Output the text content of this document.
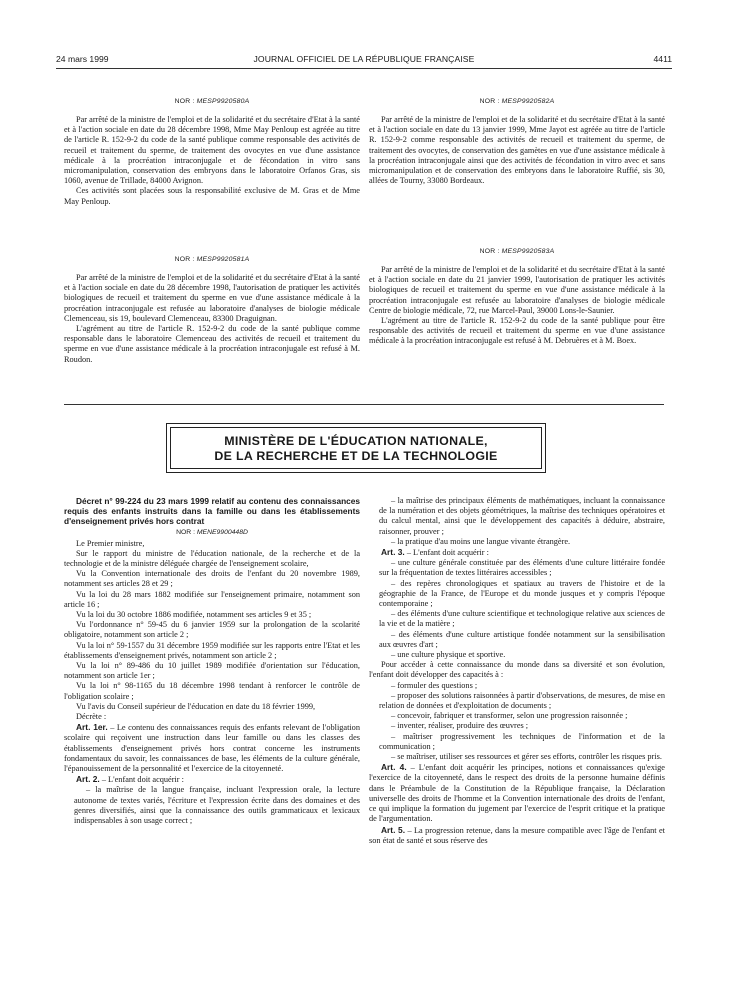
24 mars 1999	JOURNAL OFFICIEL DE LA RÉPUBLIQUE FRANÇAISE	4411
NOR : MESP9920580A

Par arrêté de la ministre de l'emploi et de la solidarité et du secrétaire d'Etat à la santé et à l'action sociale en date du 28 décembre 1998, Mme May Penloup est agréée au titre de l'article R. 152-9-2 du code de la santé publique comme responsable des activités de recueil et traitement du sperme, de traitement des ovocytes en vue d'une assistance médicale à la procréation intraconjugale et de fécondation in vitro sans micromanipulation, conservation des embryons dans le laboratoire Orfanos Gras, sis 1060, avenue de Trillade, 84000 Avignon.

Ces activités sont placées sous la responsabilité exclusive de M. Gras et de Mme May Penloup.

NOR : MESP9920581A

Par arrêté de la ministre de l'emploi et de la solidarité et du secrétaire d'Etat à la santé et à l'action sociale en date du 28 décembre 1998, l'autorisation de pratiquer les activités biologiques de recueil et traitement du sperme en vue d'une assistance médicale à la procréation intraconjugale est refusée au laboratoire d'analyses de biologie médicale Clemenceau, sis 19, boulevard Clemenceau, 83300 Draguignan.

L'agrément au titre de l'article R. 152-9-2 du code de la santé publique comme responsable dans le laboratoire Clemenceau des activités de recueil et traitement du sperme en vue d'une assistance médicale à la procréation intraconjugale est refusé à M. Roudon.

NOR : MESP9920582A

Par arrêté de la ministre de l'emploi et de la solidarité et du secrétaire d'Etat à la santé et à l'action sociale en date du 13 janvier 1999, Mme Jayot est agréée au titre de l'article R. 152-9-2 comme responsable des activités de recueil et traitement du sperme, de traitement des ovocytes, de conservation des gamètes en vue d'une assistance médicale à la procréation intraconjugale ainsi que des activités de fécondation in vitro avec et sans micromanipulation et de conservation des embryons dans le laboratoire Ruffié, sis 30, allées de Tourny, 33080 Bordeaux.

NOR : MESP9920583A

Par arrêté de la ministre de l'emploi et de la solidarité et du secrétaire d'Etat à la santé et à l'action sociale en date du 21 janvier 1999, l'autorisation de pratiquer les activités biologiques de recueil et traitement du sperme en vue d'une assistance médicale à la procréation intraconjugale est refusée au laboratoire d'analyses de biologie médicale Centre de biologie médicale, 72, rue Marcel-Paul, 39000 Lons-le-Saunier.

L'agrément au titre de l'article R. 152-9-2 du code de la santé publique pour être responsable des activités de recueil et traitement du sperme en vue d'une assistance médicale à la procréation intraconjugale est refusé à M. Debruères et à M. Boex.

MINISTÈRE DE L'ÉDUCATION NATIONALE,
DE LA RECHERCHE ET DE LA TECHNOLOGIE

Décret n° 99-224 du 23 mars 1999 relatif au contenu des connaissances requis des enfants instruits dans la famille ou dans les établissements d'enseignement privés hors contrat

NOR : MENE9900448D

Le Premier ministre,

Sur le rapport du ministre de l'éducation nationale, de la recherche et de la technologie et de la ministre déléguée chargée de l'enseignement scolaire,

Vu la Convention internationale des droits de l'enfant du 20 novembre 1989, notamment ses articles 28 et 29 ;

Vu la loi du 28 mars 1882 modifiée sur l'enseignement primaire, notamment son article 16 ;

Vu la loi du 30 octobre 1886 modifiée, notamment ses articles 9 et 35 ;

Vu l'ordonnance n° 59-45 du 6 janvier 1959 sur la prolongation de la scolarité obligatoire, notamment son article 2 ;

Vu la loi n° 59-1557 du 31 décembre 1959 modifiée sur les rapports entre l'Etat et les établissements d'enseignement privés, notamment son article 2 ;

Vu la loi n° 89-486 du 10 juillet 1989 modifiée d'orientation sur l'éducation, notamment son article 1er ;

Vu la loi n° 98-1165 du 18 décembre 1998 tendant à renforcer le contrôle de l'obligation scolaire ;

Vu l'avis du Conseil supérieur de l'éducation en date du 18 février 1999,

Décrète :

Art. 1er. – Le contenu des connaissances requis des enfants relevant de l'obligation scolaire qui reçoivent une instruction dans leur famille ou dans les classes des établissements d'enseignement privés hors contrat concerne les instruments fondamentaux du savoir, les connaissances de base, les éléments de la culture générale, l'épanouissement de la personnalité et l'exercice de la citoyenneté.

Art. 2. – L'enfant doit acquérir :

– la maîtrise de la langue française, incluant l'expression orale, la lecture autonome de textes variés, l'écriture et l'expression écrite dans des domaines et des genres diversifiés, ainsi que la connaissance des outils grammaticaux et lexicaux indispensables à son usage correct ;

– la maîtrise des principaux éléments de mathématiques, incluant la connaissance de la numération et des objets géométriques, la maîtrise des techniques opératoires et du calcul mental, ainsi que le développement des capacités à déduire, abstraire, raisonner, prouver ;

– la pratique d'au moins une langue vivante étrangère.

Art. 3. – L'enfant doit acquérir :

– une culture générale constituée par des éléments d'une culture littéraire fondée sur la fréquentation de textes littéraires accessibles ;

– des repères chronologiques et spatiaux au travers de l'histoire et de la géographie de la France, de l'Europe et du monde jusques et y compris l'époque contemporaine ;

– des éléments d'une culture scientifique et technologique relative aux sciences de la vie et de la matière ;

– des éléments d'une culture artistique fondée notamment sur la sensibilisation aux œuvres d'art ;

– une culture physique et sportive.

Pour accéder à cette connaissance du monde dans sa diversité et son évolution, l'enfant doit développer des capacités à :

– formuler des questions ;

– proposer des solutions raisonnées à partir d'observations, de mesures, de mise en relation de données et d'exploitation de documents ;

– concevoir, fabriquer et transformer, selon une progression raisonnée ;

– inventer, réaliser, produire des œuvres ;

– maîtriser progressivement les techniques de l'information et de la communication ;

– se maîtriser, utiliser ses ressources et gérer ses efforts, contrôler les risques pris.

Art. 4. – L'enfant doit acquérir les principes, notions et connaissances qu'exige l'exercice de la citoyenneté, dans le respect des droits de la personne humaine définis dans le Préambule de la Constitution de la République française, la Déclaration universelle des droits de l'homme et la Convention internationale des droits de l'enfant, ce qui implique la formation du jugement par l'exercice de l'esprit critique et la pratique de l'argumentation.

Art. 5. – La progression retenue, dans la mesure compatible avec l'âge de l'enfant et son état de santé et sous réserve des
